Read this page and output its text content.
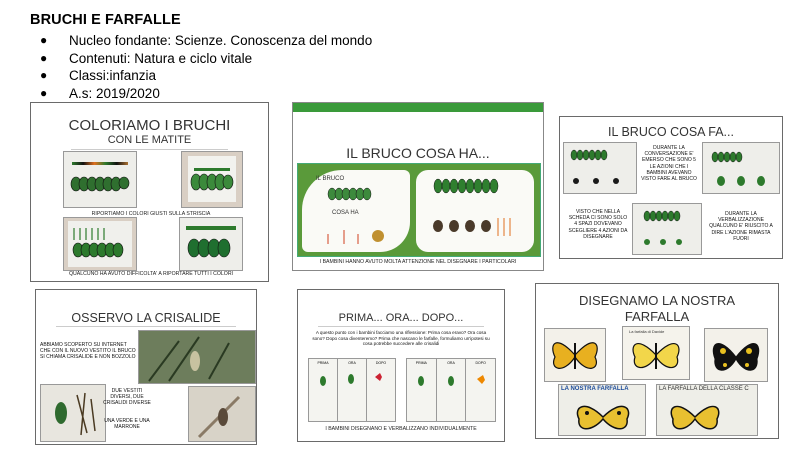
BRUCHI E FARFALLE
● Nucleo fondante: Scienze. Conoscenza del mondo
● Contenuti: Natura e ciclo vitale
● Classi:infanzia
● A.s: 2019/2020
COLORIAMO I BRUCHI
CON LE MATITE
RIPORTIAMO I COLORI GIUSTI SULLA STRISCIA
QUALCUNO HA AVUTO DIFFICOLTA' A RIPORTARE TUTTI I COLORI
IL BRUCO COSA HA...
IL BRUCO
COSA HA
I BAMBINI HANNO AVUTO MOLTA ATTENZIONE NEL DISEGNARE I PARTICOLARI
IL BRUCO COSA FA...
DURANTE LA CONVERSAZIONE E' EMERSO CHE SONO 5 LE AZIONI CHE I BAMBINI AVEVANO VISTO FARE AL BRUCO
VISTO CHE NELLA SCHEDA CI SONO SOLO 4 SPAZI DOVEVANO SCEGLIERE 4 AZIONI DA DISEGNARE
DURANTE LA VERBALIZZAZIONE QUALCUNO E' RIUSCITO A DIRE L'AZIONE RIMASTA FUORI
OSSERVO LA CRISALIDE
ABBIAMO SCOPERTO SU INTERNET CHE CON IL NUOVO VESTITO IL BRUCO SI CHIAMA CRISALIDE E NON BOZZOLO
DUE VESTITI DIVERSI, DUE CRISALIDI DIVERSE
UNA VERDE E UNA MARRONE
PRIMA... ORA... DOPO...
A questo punto con i bambini facciamo una riflessione: Prima cosa eravo? Ora cosa sono? Dopo cosa diventeremo? Prima che nascano le farfalle, formuliamo un'ipotesi su cosa potrebbe succedere alle crisalidi
PRIMA	ORA	DOPO	PRIMA	ORA	DOPO
I BAMBINI DISEGNANO E VERBALIZZANO INDIVIDUALMENTE
DISEGNAMO LA NOSTRA
FARFALLA
La farfalla di Davide
LA NOSTRA FARFALLA	LA FARFALLA DELLA CLASSE C
